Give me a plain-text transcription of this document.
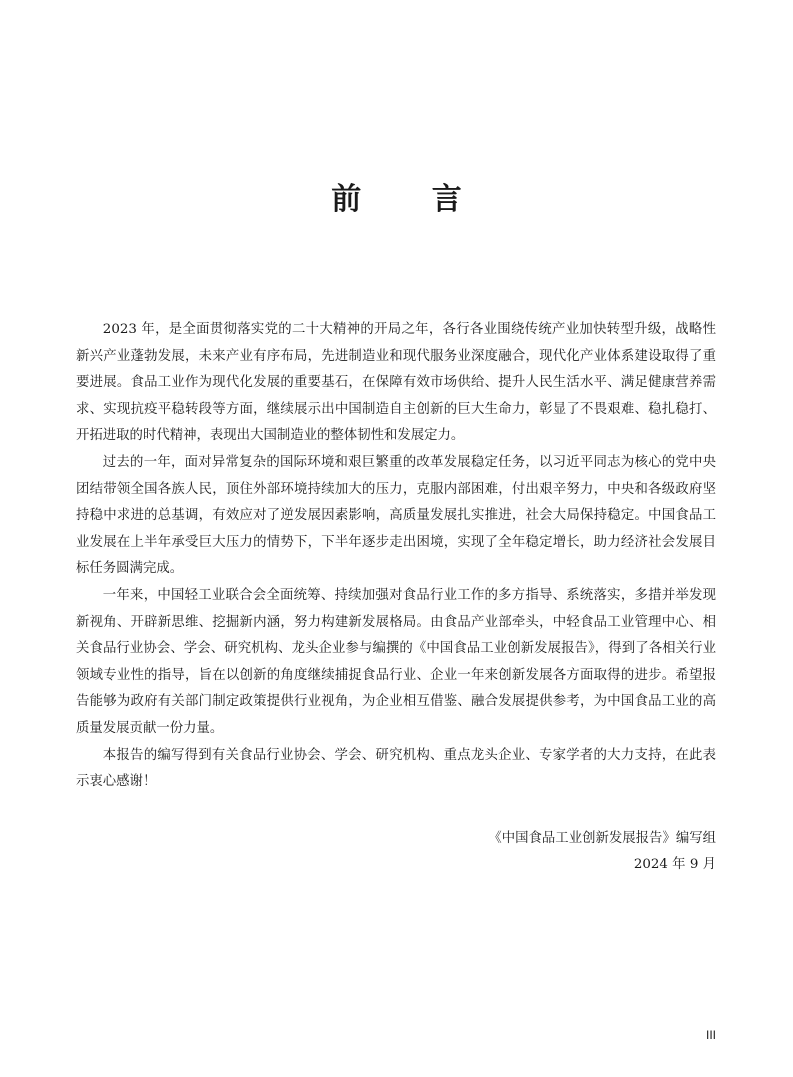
前 言

2023 年，是全面贯彻落实党的二十大精神的开局之年，各行各业围绕传统产业加快转型升级，战略性新兴产业蓬勃发展，未来产业有序布局，先进制造业和现代服务业深度融合，现代化产业体系建设取得了重要进展。食品工业作为现代化发展的重要基石，在保障有效市场供给、提升人民生活水平、满足健康营养需求、实现抗疫平稳转段等方面，继续展示出中国制造自主创新的巨大生命力，彰显了不畏艰难、稳扎稳打、开拓进取的时代精神，表现出大国制造业的整体韧性和发展定力。

过去的一年，面对异常复杂的国际环境和艰巨繁重的改革发展稳定任务，以习近平同志为核心的党中央团结带领全国各族人民，顶住外部环境持续加大的压力，克服内部困难，付出艰辛努力，中央和各级政府坚持稳中求进的总基调，有效应对了逆发展因素影响，高质量发展扎实推进，社会大局保持稳定。中国食品工业发展在上半年承受巨大压力的情势下，下半年逐步走出困境，实现了全年稳定增长，助力经济社会发展目标任务圆满完成。

一年来，中国轻工业联合会全面统筹、持续加强对食品行业工作的多方指导、系统落实，多措并举发现新视角、开辟新思维、挖掘新内涵，努力构建新发展格局。由食品产业部牵头，中轻食品工业管理中心、相关食品行业协会、学会、研究机构、龙头企业参与编撰的《中国食品工业创新发展报告》，得到了各相关行业领域专业性的指导，旨在以创新的角度继续捕捉食品行业、企业一年来创新发展各方面取得的进步。希望报告能够为政府有关部门制定政策提供行业视角，为企业相互借鉴、融合发展提供参考，为中国食品工业的高质量发展贡献一份力量。

本报告的编写得到有关食品行业协会、学会、研究机构、重点龙头企业、专家学者的大力支持，在此表示衷心感谢！

《中国食品工业创新发展报告》编写组

2024 年 9 月

III
